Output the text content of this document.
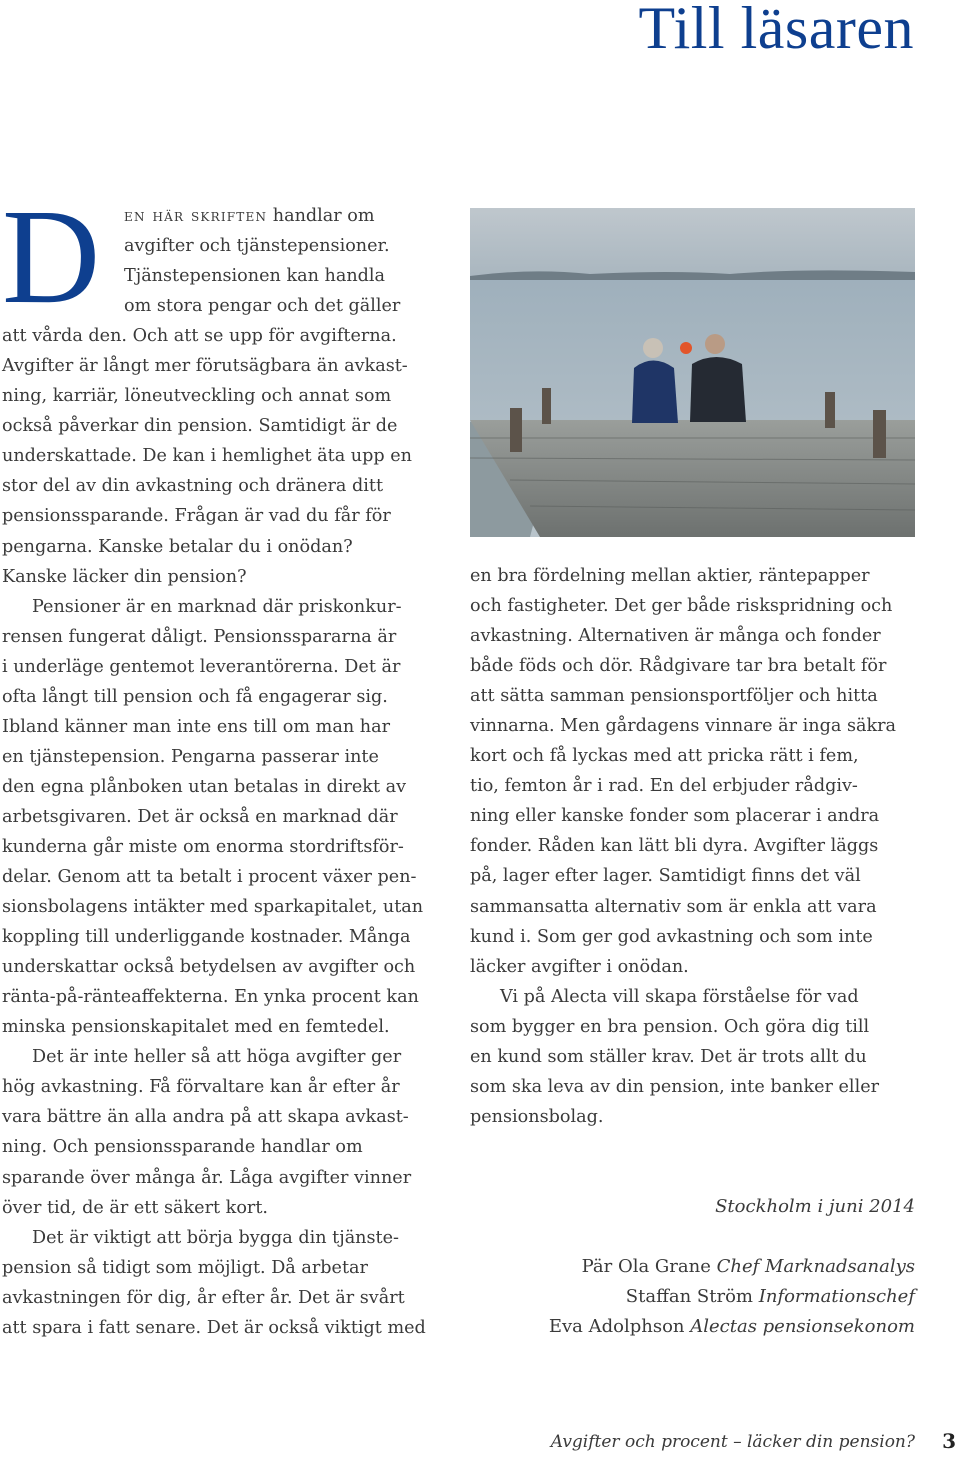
Till läsaren
D	en här skriften handlar om
avgifter och tjänstepensioner.
Tjänstepensionen kan handla
om stora pengar och det gäller
att vårda den. Och att se upp för avgifterna.
Avgifter är långt mer förutsägbara än avkast-
ning, karriär, löneutveckling och annat som
också påverkar din pension. Samtidigt är de
underskattade. De kan i hemlighet äta upp en
stor del av din avkastning och dränera ditt
pensionssparande. Frågan är vad du får för
pengarna. Kanske betalar du i onödan?
Kanske läcker din pension?
Pensioner är en marknad där priskonkur-
rensen fungerat dåligt. Pensionsspararna är
i underläge gentemot leverantörerna. Det är
ofta långt till pension och få engagerar sig.
Ibland känner man inte ens till om man har
en tjänstepension. Pengarna passerar inte
den egna plånboken utan betalas in direkt av
arbetsgivaren. Det är också en marknad där
kunderna går miste om enorma stordriftsför-
delar. Genom att ta betalt i procent växer pen-
sionsbolagens intäkter med sparkapitalet, utan
koppling till underliggande kostnader. Många
underskattar också betydelsen av avgifter och
ränta-på-ränteaffekterna. En ynka procent kan
minska pensionskapitalet med en femtedel.
Det är inte heller så att höga avgifter ger
hög avkastning. Få förvaltare kan år efter år
vara bättre än alla andra på att skapa avkast-
ning. Och pensionssparande handlar om
sparande över många år. Låga avgifter vinner
över tid, de är ett säkert kort.
Det är viktigt att börja bygga din tjänste-
pension så tidigt som möjligt. Då arbetar
avkastningen för dig, år efter år. Det är svårt
att spara i fatt senare. Det är också viktigt med
en bra fördelning mellan aktier, räntepapper
och fastigheter. Det ger både riskspridning och
avkastning. Alternativen är många och fonder
både föds och dör. Rådgivare tar bra betalt för
att sätta samman pensionsportföljer och hitta
vinnarna. Men gårdagens vinnare är inga säkra
kort och få lyckas med att pricka rätt i fem,
tio, femton år i rad. En del erbjuder rådgiv-
ning eller kanske fonder som placerar i andra
fonder. Råden kan lätt bli dyra. Avgifter läggs
på, lager efter lager. Samtidigt finns det väl
sammansatta alternativ som är enkla att vara
kund i. Som ger god avkastning och som inte
läcker avgifter i onödan.
Vi på Alecta vill skapa förståelse för vad
som bygger en bra pension. Och göra dig till
en kund som ställer krav. Det är trots allt du
som ska leva av din pension, inte banker eller
pensionsbolag.
Stockholm i juni 2014
Pär Ola Grane Chef Marknadsanalys
Staffan Ström Informationschef
Eva Adolphson Alectas pensionsekonom
Avgifter och procent – läcker din pension? 3
